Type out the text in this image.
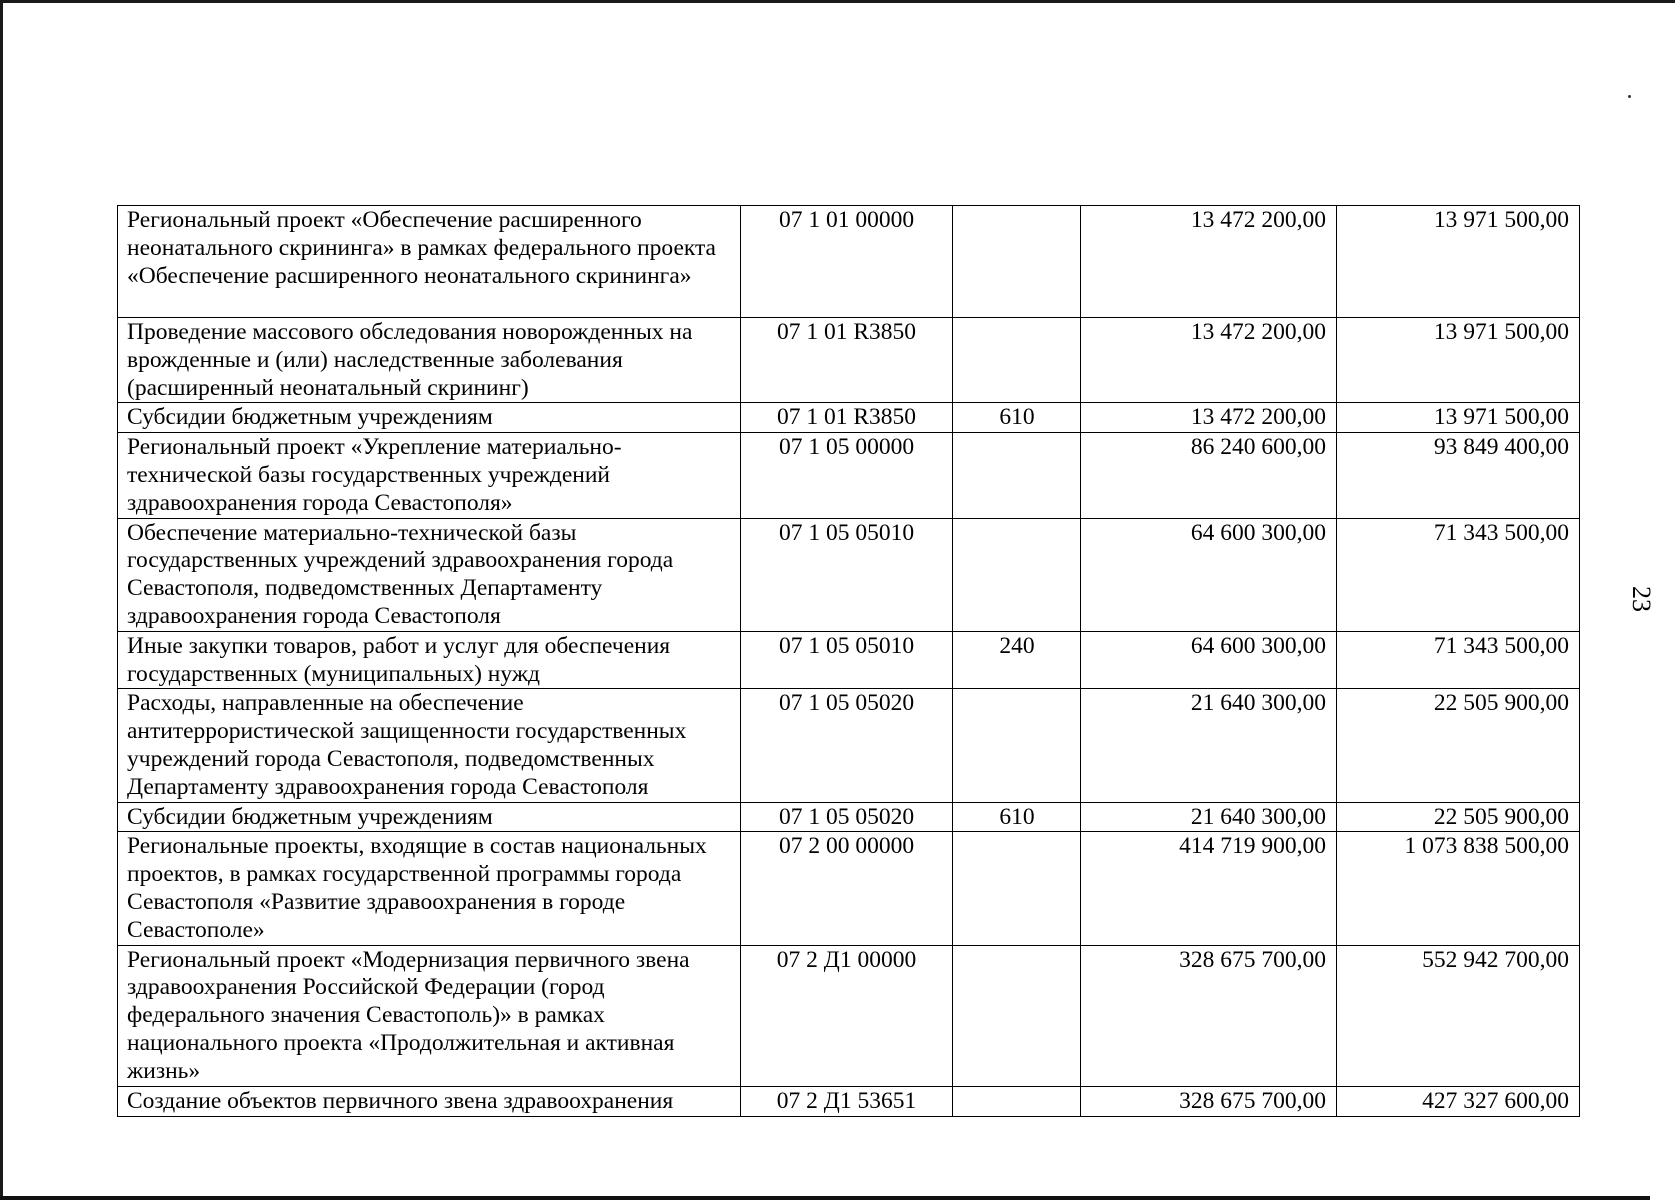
23
Региональный проект «Обеспечение расширенного неонатального скрининга» в рамках федерального проекта «Обеспечение расширенного неонатального скрининга»	07 1 01 00000		13 472 200,00	13 971 500,00
Проведение массового обследования новорожденных на врожденные и (или) наследственные заболевания (расширенный неонатальный скрининг)	07 1 01 R3850		13 472 200,00	13 971 500,00
Субсидии бюджетным учреждениям	07 1 01 R3850	610	13 472 200,00	13 971 500,00
Региональный проект «Укрепление материально-технической базы государственных учреждений здравоохранения города Севастополя»	07 1 05 00000		86 240 600,00	93 849 400,00
Обеспечение материально-технической базы государственных учреждений здравоохранения города Севастополя, подведомственных Департаменту здравоохранения города Севастополя	07 1 05 05010		64 600 300,00	71 343 500,00
Иные закупки товаров, работ и услуг для обеспечения государственных (муниципальных) нужд	07 1 05 05010	240	64 600 300,00	71 343 500,00
Расходы, направленные на обеспечение антитеррористической защищенности государственных учреждений города Севастополя, подведомственных Департаменту здравоохранения города Севастополя	07 1 05 05020		21 640 300,00	22 505 900,00
Субсидии бюджетным учреждениям	07 1 05 05020	610	21 640 300,00	22 505 900,00
Региональные проекты, входящие в состав национальных проектов, в рамках государственной программы города Севастополя «Развитие здравоохранения в городе Севастополе»	07 2 00 00000		414 719 900,00	1 073 838 500,00
Региональный проект «Модернизация первичного звена здравоохранения Российской Федерации (город федерального значения Севастополь)» в рамках национального проекта «Продолжительная и активная жизнь»	07 2 Д1 00000		328 675 700,00	552 942 700,00
Создание объектов первичного звена здравоохранения	07 2 Д1 53651		328 675 700,00	427 327 600,00
